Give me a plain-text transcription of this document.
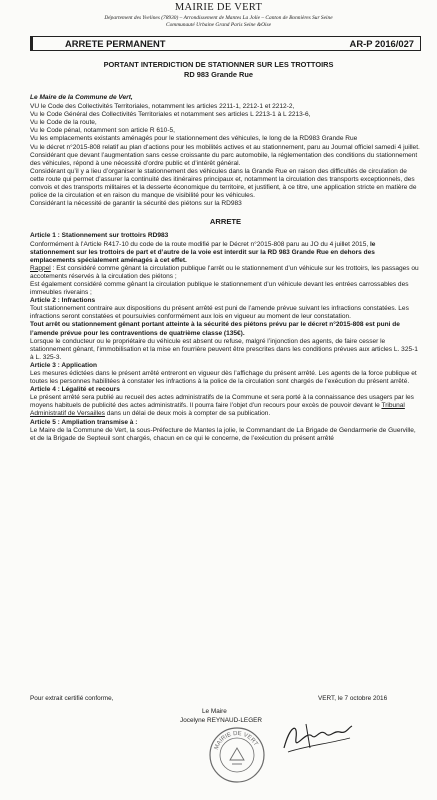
MAIRIE DE VERT
Département des Yvelines (78930) – Arrondissement de Mantes La Jolie – Canton de Bonnières Sur Seine
Communauté Urbaine Grand Paris Seine &Oise
ARRETE PERMANENT	AR-P 2016/027
PORTANT INTERDICTION DE STATIONNER SUR LES TROTTOIRS
RD 983 Grande Rue

Le Maire de la Commune de Vert,

VU le Code des Collectivités Territoriales, notamment les articles 2211-1, 2212-1 et 2212-2,

Vu le Code Général des Collectivités Territoriales et notamment ses articles L 2213-1 à L 2213-6,

Vu le Code de la route,

Vu le Code pénal, notamment son article R 610-5,

Vu les emplacements existants aménagés pour le stationnement des véhicules, le long de la RD983 Grande Rue

Vu le décret n°2015-808 relatif au plan d’actions pour les mobilités actives et au stationnement, paru au Journal officiel samedi 4 juillet.

Considérant que devant l’augmentation sans cesse croissante du parc automobile, la réglementation des conditions du stationnement des véhicules, répond à une nécessité d’ordre public et d’intérêt général.

Considérant qu’il y a lieu d’organiser le stationnement des véhicules dans la Grande Rue en raison des difficultés de circulation de cette route qui permet d’assurer la continuité des itinéraires principaux et, notamment la circulation des transports exceptionnels, des convois et des transports militaires et la desserte économique du territoire, et justifient, à ce titre, une application stricte en matière de police de la circulation et en raison du manque de visibilité pour les véhicules.

Considérant la nécessité de garantir la sécurité des piétons sur la RD983

ARRETE

Article 1 : Stationnement sur trottoirs RD983

Conformément à l’Article R417-10 du code de la route modifié par le Décret n°2015-808 paru au JO du 4 juillet 2015, le stationnement sur les trottoirs de part et d’autre de la voie est interdit sur la RD 983 Grande Rue en dehors des emplacements spécialement aménagés à cet effet.

Rappel : Est considéré comme gênant la circulation publique l’arrêt ou le stationnement d’un véhicule sur les trottoirs, les passages ou accotements réservés à la circulation des piétons ;

Est également considéré comme gênant la circulation publique le stationnement d’un véhicule devant les entrées carrossables des immeubles riverains ;

Article 2 : Infractions

Tout stationnement contraire aux dispositions du présent arrêté est puni de l’amende prévue suivant les infractions constatées. Les infractions seront constatées et poursuivies conformément aux lois en vigueur au moment de leur constatation.

Tout arrêt ou stationnement gênant portant atteinte à la sécurité des piétons prévu par le décret n°2015-808 est puni de l’amende prévue pour les contraventions de quatrième classe (135€).

Lorsque le conducteur ou le propriétaire du véhicule est absent ou refuse, malgré l’injonction des agents, de faire cesser le stationnement gênant, l’immobilisation et la mise en fourrière peuvent être prescrites dans les conditions prévues aux articles L. 325-1 à L. 325-3.

Article 3 : Application

Les mesures édictées dans le présent arrêté entreront en vigueur dès l’affichage du présent arrêté. Les agents de la force publique et toutes les personnes habilitées à constater les infractions à la police de la circulation sont chargés de l’exécution du présent arrêté.

Article 4 : Légalité et recours

Le présent arrêté sera publié au recueil des actes administratifs de la Commune et sera porté à la connaissance des usagers par les moyens habituels de publicité des actes administratifs. Il pourra faire l’objet d’un recours pour excès de pouvoir devant le Tribunal Administratif de Versailles dans un délai de deux mois à compter de sa publication.

Article 5 : Ampliation transmise à :

Le Maire de la Commune de Vert, la sous-Préfecture de Mantes la jolie, le Commandant de La Brigade de Gendarmerie de Guerville, et de la Brigade de Septeuil sont chargés, chacun en ce qui le concerne, de l’exécution du présent arrêté

Pour extrait certifié conforme,	VERT, le 7 octobre 2016
Le Maire
Jocelyne REYNAUD-LEGER
MAIRIE DE VERT
